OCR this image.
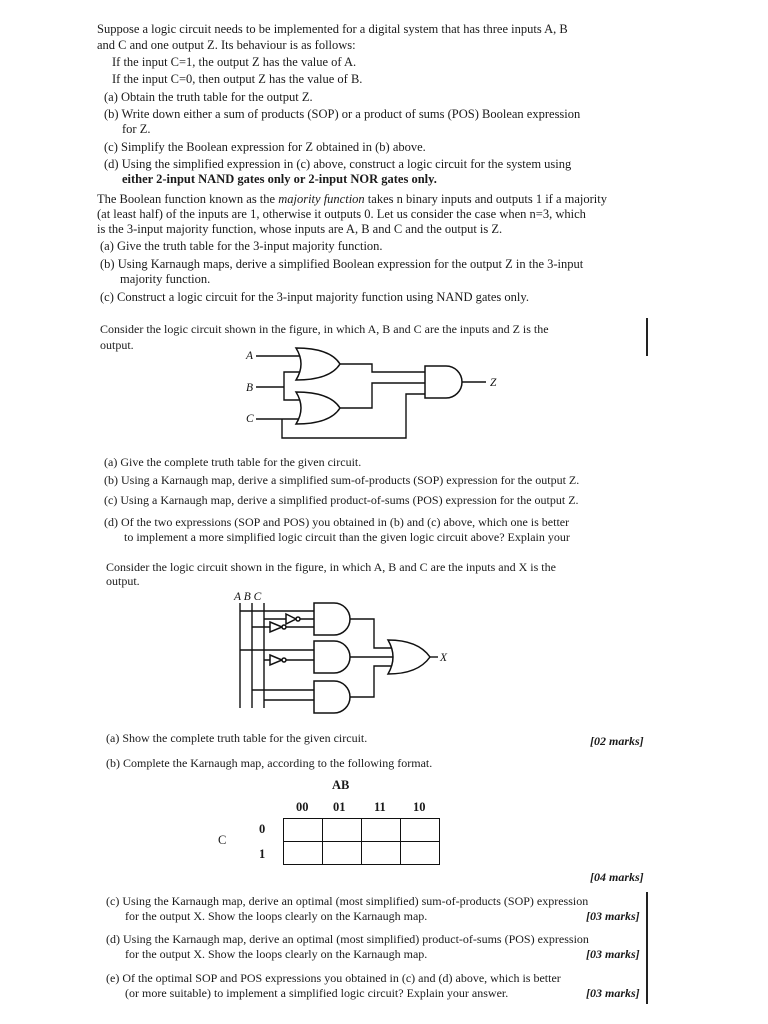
Suppose a logic circuit needs to be implemented for a digital system that has three inputs A, B
and C and one output Z. Its behaviour is as follows:
If the input C=1, the output Z has the value of A.
If the input C=0, then output Z has the value of B.
(a) Obtain the truth table for the output Z.
(b) Write down either a sum of products (SOP) or a product of sums (POS) Boolean expression
for Z.
(c) Simplify the Boolean expression for Z obtained in (b) above.
(d) Using the simplified expression in (c) above, construct a logic circuit for the system using
either 2-input NAND gates only or 2-input NOR gates only.
The Boolean function known as the majority function takes n binary inputs and outputs 1 if a majority
(at least half) of the inputs are 1, otherwise it outputs 0. Let us consider the case when n=3, which
is the 3-input majority function, whose inputs are A, B and C and the output is Z.
(a) Give the truth table for the 3-input majority function.
(b) Using Karnaugh maps, derive a simplified Boolean expression for the output Z in the 3-input
majority function.
(c) Construct a logic circuit for the 3-input majority function using NAND gates only.
Consider the logic circuit shown in the figure, in which A, B and C are the inputs and Z is the
output.
A
B
C
Z
(a) Give the complete truth table for the given circuit.
(b) Using a Karnaugh map, derive a simplified sum-of-products (SOP) expression for the output Z.
(c) Using a Karnaugh map, derive a simplified product-of-sums (POS) expression for the output Z.
(d) Of the two expressions (SOP and POS) you obtained in (b) and (c) above, which one is better
to implement a more simplified logic circuit than the given logic circuit above? Explain your
Consider the logic circuit shown in the figure, in which A, B and C are the inputs and X is the
output.
A B C
X
(a) Show the complete truth table for the given circuit.	[02 marks]
(b) Complete the Karnaugh map, according to the following format.
AB
00 01 11 10
C
0
1

[04 marks]
(c) Using the Karnaugh map, derive an optimal (most simplified) sum-of-products (SOP) expression
for the output X. Show the loops clearly on the Karnaugh map.	[03 marks]
(d) Using the Karnaugh map, derive an optimal (most simplified) product-of-sums (POS) expression
for the output X. Show the loops clearly on the Karnaugh map.	[03 marks]
(e) Of the optimal SOP and POS expressions you obtained in (c) and (d) above, which is better
(or more suitable) to implement a simplified logic circuit? Explain your answer.	[03 marks]
